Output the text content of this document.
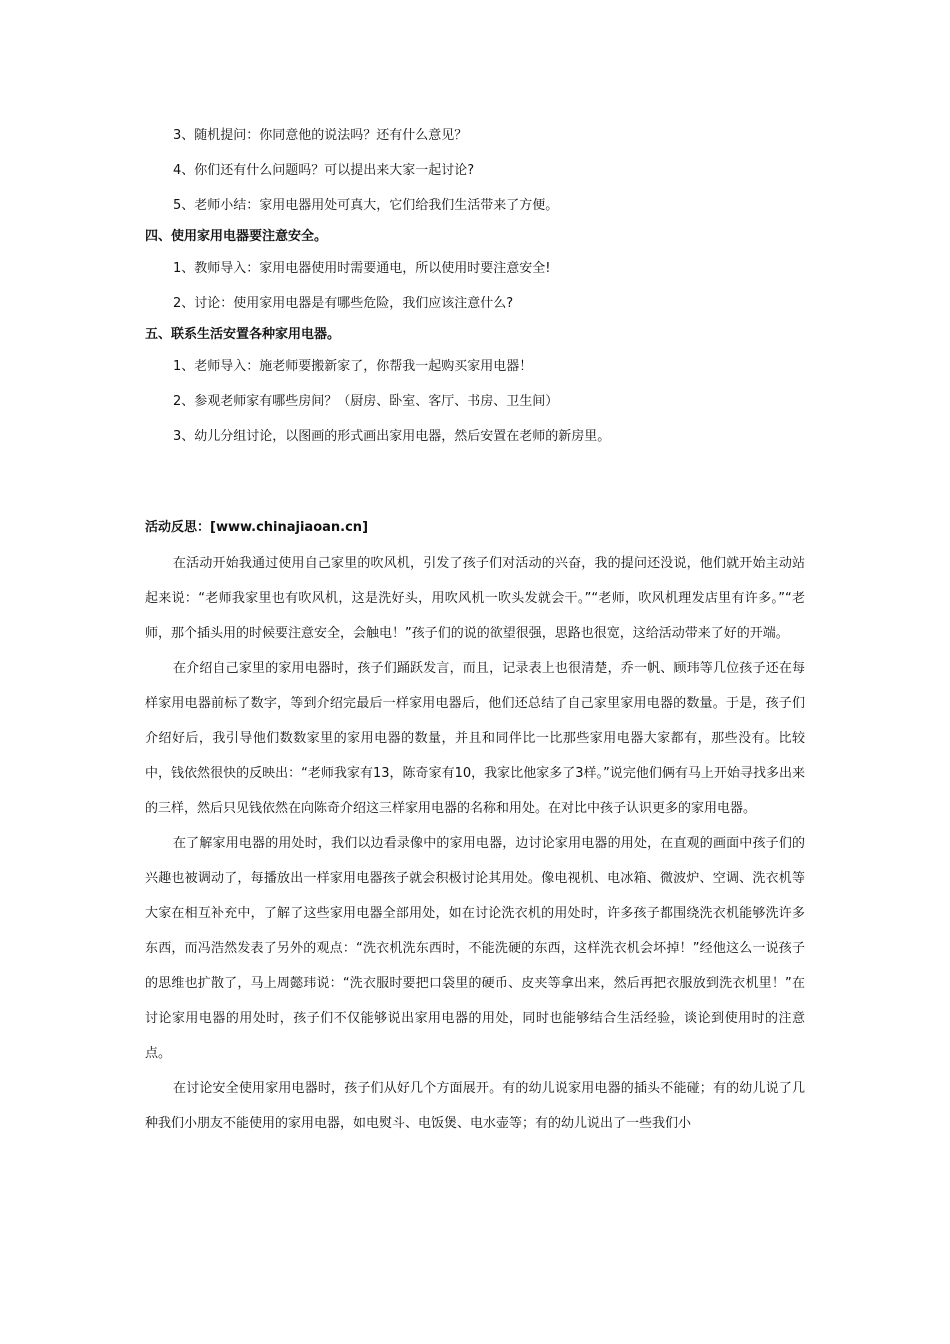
3、随机提问：你同意他的说法吗？还有什么意见？
4、你们还有什么问题吗？可以提出来大家一起讨论?
5、老师小结：家用电器用处可真大，它们给我们生活带来了方便。
四、使用家用电器要注意安全。
1、教师导入：家用电器使用时需要通电，所以使用时要注意安全!
2、讨论：使用家用电器是有哪些危险，我们应该注意什么?
五、联系生活安置各种家用电器。
1、老师导入：施老师要搬新家了，你帮我一起购买家用电器！
2、参观老师家有哪些房间？（厨房、卧室、客厅、书房、卫生间）
3、幼儿分组讨论，以图画的形式画出家用电器，然后安置在老师的新房里。
活动反思：[www.chinajiaoan.cn]

在活动开始我通过使用自己家里的吹风机，引发了孩子们对活动的兴奋，我的提问还没说，他们就开始主动站起来说：“老师我家里也有吹风机，这是洗好头，用吹风机一吹头发就会干。”“老师，吹风机理发店里有许多。”“老师，那个插头用的时候要注意安全，会触电！”孩子们的说的欲望很强，思路也很宽，这给活动带来了好的开端。

在介绍自己家里的家用电器时，孩子们踊跃发言，而且，记录表上也很清楚，乔一帆、顾玮等几位孩子还在每样家用电器前标了数字，等到介绍完最后一样家用电器后，他们还总结了自己家里家用电器的数量。于是，孩子们介绍好后，我引导他们数数家里的家用电器的数量，并且和同伴比一比那些家用电器大家都有，那些没有。比较中，钱依然很快的反映出：“老师我家有13，陈奇家有10，我家比他家多了3样。”说完他们俩有马上开始寻找多出来的三样，然后只见钱依然在向陈奇介绍这三样家用电器的名称和用处。在对比中孩子认识更多的家用电器。

在了解家用电器的用处时，我们以边看录像中的家用电器，边讨论家用电器的用处，在直观的画面中孩子们的兴趣也被调动了，每播放出一样家用电器孩子就会积极讨论其用处。像电视机、电冰箱、微波炉、空调、洗衣机等大家在相互补充中，了解了这些家用电器全部用处，如在讨论洗衣机的用处时，许多孩子都围绕洗衣机能够洗许多东西，而冯浩然发表了另外的观点：“洗衣机洗东西时，不能洗硬的东西，这样洗衣机会坏掉！”经他这么一说孩子的思维也扩散了，马上周懿玮说：“洗衣服时要把口袋里的硬币、皮夹等拿出来，然后再把衣服放到洗衣机里！”在讨论家用电器的用处时，孩子们不仅能够说出家用电器的用处，同时也能够结合生活经验，谈论到使用时的注意点。

在讨论安全使用家用电器时，孩子们从好几个方面展开。有的幼儿说家用电器的插头不能碰；有的幼儿说了几种我们小朋友不能使用的家用电器，如电熨斗、电饭煲、电水壶等；有的幼儿说出了一些我们小
